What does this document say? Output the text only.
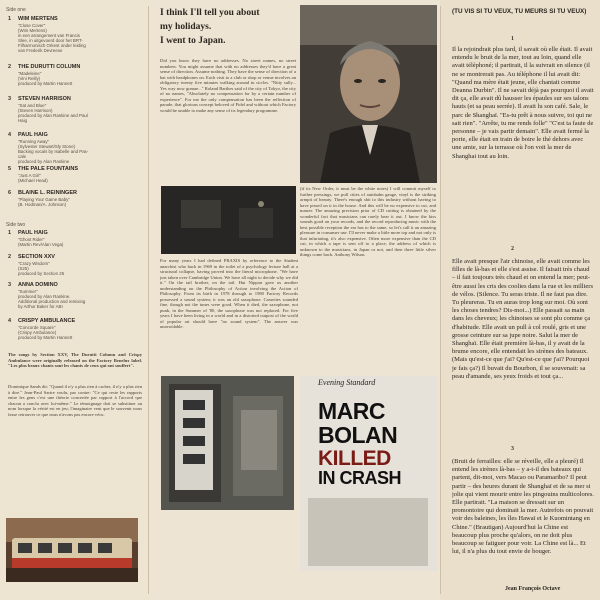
Side one
1 WIM MERTENS
"Close Cover"
(Wim Mertens)
in een arrangement van Francis
Slee, in uitgevoerd door het BRT-
Filharmonisch Orkest onder leiding
van Frederik Devreese
2 THE DURUTTI COLUMN
"Madeleine"
(Vini Reilly)
produced by Martin Hannett
3 STEVEN HARRISON
"Sat and Blue"
(Steven Harrison)
produced by Alan Rankine and Paul
Haig
4 PAUL HAIG
"Running Away"
(Sylvester Stewart/Sly Stone)
Backing vocals by Isabelle and Pas-
cale
produced by Alan Rankine
5 THE PALE FOUNTAINS
"Just A Girl"
(Michael Head)
6 BLAINE L. REININGER
"Playing Your Game Baby"
(B. Hodman/A. Johnson)
Side two
1 PAUL HAIG
"Ghost Rider"
(Martin Rev/Alan Vega)
2 SECTION XXV
"Crazy Wisdom"
(S25)
produced by Section 25
3 ANNA DOMINO
"Summer"
produced by Alan Rankine.
Additional production and remixing
by Arthur Baker for ABI
4 CRISPY AMBULANCE
"Concorde Square"
(Crispy Ambulance)
produced by Martin Hannett
The songs by Section XXV, The Durutti Column and Crispy Ambulance were originally released on the Factory Benelux label. "Les plus beaux chants sont les chants de ceux qui ont souffert".
Dominique Sands dit: "Quand il n'y a plus rien à cacher, il n'y a plus rien à dire." Jean-Paul Sartre voulu, par contre: "Ce qui reste les rapports entre les gens c'est une théorie concertée par rapport à l'accord que chacun a conclu avec lui-même." Le témoignage doit se substituer au nom lorsque la vérité est en jeu; l'imaginaire veut que le souvenir nous fasse retrouver ce que nous n'avons pas encore vécu.
I think I'll tell you about
my holidays.
I went to Japan.
Did you know they have no addresses. No street names, no street numbers. You might assume that with no addresses they'd have a great sense of direction. Assume nothing. They have the sense of direction of a bat with headphones on. Each visit to a club or shop or venue involves an obligatory twenty five minutes walking around in circles. "Nitty sully... Yes way now gomae..." Roland Barthes said of the city of Tokyo, the city of no names, "Absolutely no compensation for by a certain number of experience". For me the only compensation has been the reflection of parade, that glorious concept beloved of Fidel and without which Factory would be unable to make any sense of its legendary programme.
For many years I had defined PRAXIS by reference to the Student anarchist who back in 1969 in the toilet of a psychology lecture hall at a structural collapse, having proved into the literal microphone. "We have just taken over Cambridge Union. We have all night to decide why we did it." On the tail brother, on the tail. Hui Nippon gave us another understanding on the Philosophy of Action involving the Action of Philosophy. From its birth in 1978 through to 1980 Factory Records possessed a sound system; it was an old saxophone. Cassettes sounded fine, though not the tunes were good. When it died, the saxophone, not punk, in the Summer of '80, the saxophone was not replaced. For five years I have been living in a world and in a distorted outpost of the world of popular art should have "no sound system". The answer was unavoidable.
(if its New Order, it must be the white notes) I will commit myself to further pressings, we pull cities of autobahn gauge, vinyl is the striking armpit of beauty. There's enough shit to this industry without having to have pissed on it in the house. And this will be no expensive to cut, and master. The amazing precision prior of CD cutting is obtained by the wonderful fact that musicians can rarely hear it out. I know the kiss sounds good on your records, and the record reproducing music with the best possible reception the ear has to the same, so let's call it an amazing pleasure in consumer use. I'll never make a little more top and not only is that infuriating, it's also expensive. Often more expensive than the CD cut, in which a tape is sent off to a place, the address of which is unknown to the musicians, in Japan or not, and then three little silver things come back. Anthony Wilson.
Evening Standard
MARC
BOLAN
KILLED
IN CRASH
(TU VIS SI TU VEUX, TU MEURS SI TU VEUX)
1
Il la rejoindrait plus tard, il savait où elle était. Il avait entendu le bruit de la mer, tout au loin, quand elle avait téléphoné; il partirait, il la suivrait en silence (il ne se montrerait pas. Au téléphone il lui avait dit: "Quand ma mère était jeune, elle chantait comme Deanna Durbin". Il ne savait déjà pas pourquoi il avait dit ça, elle avait dû hausser les épaules sur ses talons hauts (et sa peau serrée). Il avait lu son café. Sale, le parc de Shanghaï. "Es-tu prêt à nous suivre, toi qui ne sait rien". "Arrête, tu me rends folle" "C'est ta faute de personne – je vais partir demain". Elle avait fermé la porte, elle était en train de boire le thé dehors avec une amie, sur la terrasse où l'on voit la mer de Shanghai tout au loin.
2
Elle avait presque l'air chinoise, elle avait comme les filles de là-bas et elle s'est assise. Il faisait très chaud – il fait toujours très chaud et on entend la mer; peut-être aussi les cris des coolies dans la rue et les milliers de vélos. (Silence. Tu seras triste. Il ne faut pas dire. Tu pleureras. Tu en auras trop long sur moi. Où sont les choses tendres? Dis-moi...) Elle passait sa main dans les cheveux; les chinoises se sont plu comme ça d'habitude. Elle avait un pull à col roulé, gris et une grosse ceinture sur sa jupe noire. Salut la mer de Shanghaï. Elle était première là-bas, il y avait de la brume encore, elle entendait les sirènes des bateaux. (Mais qu'est-ce que j'ai? Qu'est-ce que j'ai? Pourquoi je fais ça?) Il buvait du Bourbon, il se souvenait: sa peau d'amande, ses yeux froids et tout ça...
3
(Bruit de ferrailles: elle se réveille, elle a pleuré) Il entend les sirènes là-bas – y a-t-il des bateaux qui partent, dit-moi, vers Macao ou Paramaribo? Il peut partir – des heures durant de Shanghaï et de sa mer si jolie qui vient mourir entre les pingouins multicolores. Elle partirait. "La maison se dressait sur un promontoire qui dominait la mer. Autrefois on pouvait voir des baleines, les îles Hawaï et le Kuomintang en Chine." (Brautigan) Aujourd'hui la Chine est beaucoup plus proche qu'alors, on ne doit plus beaucoup se fatiguer pour voir. La Chine est là... Et lui, il n'a plus du tout envie de bouger.
Jean François Octave
